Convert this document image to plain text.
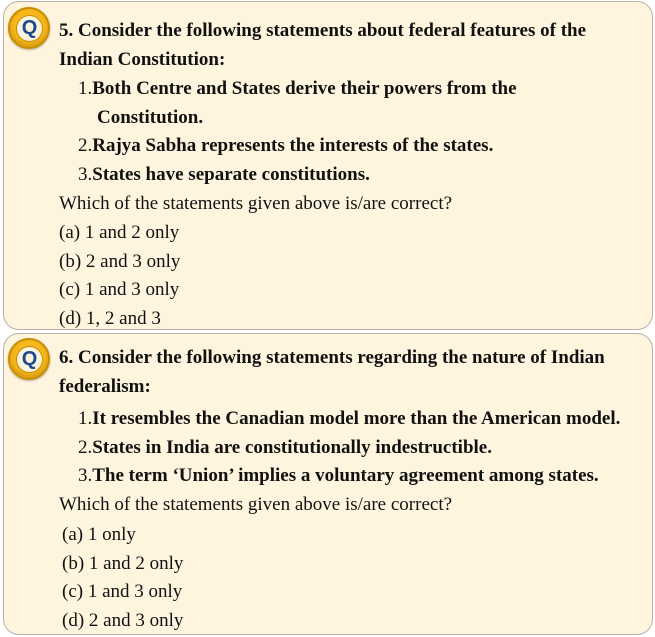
Q	5. Consider the following statements about federal features of the
Indian Constitution:
1.Both Centre and States derive their powers from the
Constitution.
2.Rajya Sabha represents the interests of the states.
3.States have separate constitutions.
Which of the statements given above is/are correct?
(a) 1 and 2 only
(b) 2 and 3 only
(c) 1 and 3 only
(d) 1, 2 and 3
Q	6. Consider the following statements regarding the nature of Indian
federalism:
1.It resembles the Canadian model more than the American model.
2.States in India are constitutionally indestructible.
3.The term ‘Union’ implies a voluntary agreement among states.
Which of the statements given above is/are correct?
(a) 1 only
(b) 1 and 2 only
(c) 1 and 3 only
(d) 2 and 3 only
